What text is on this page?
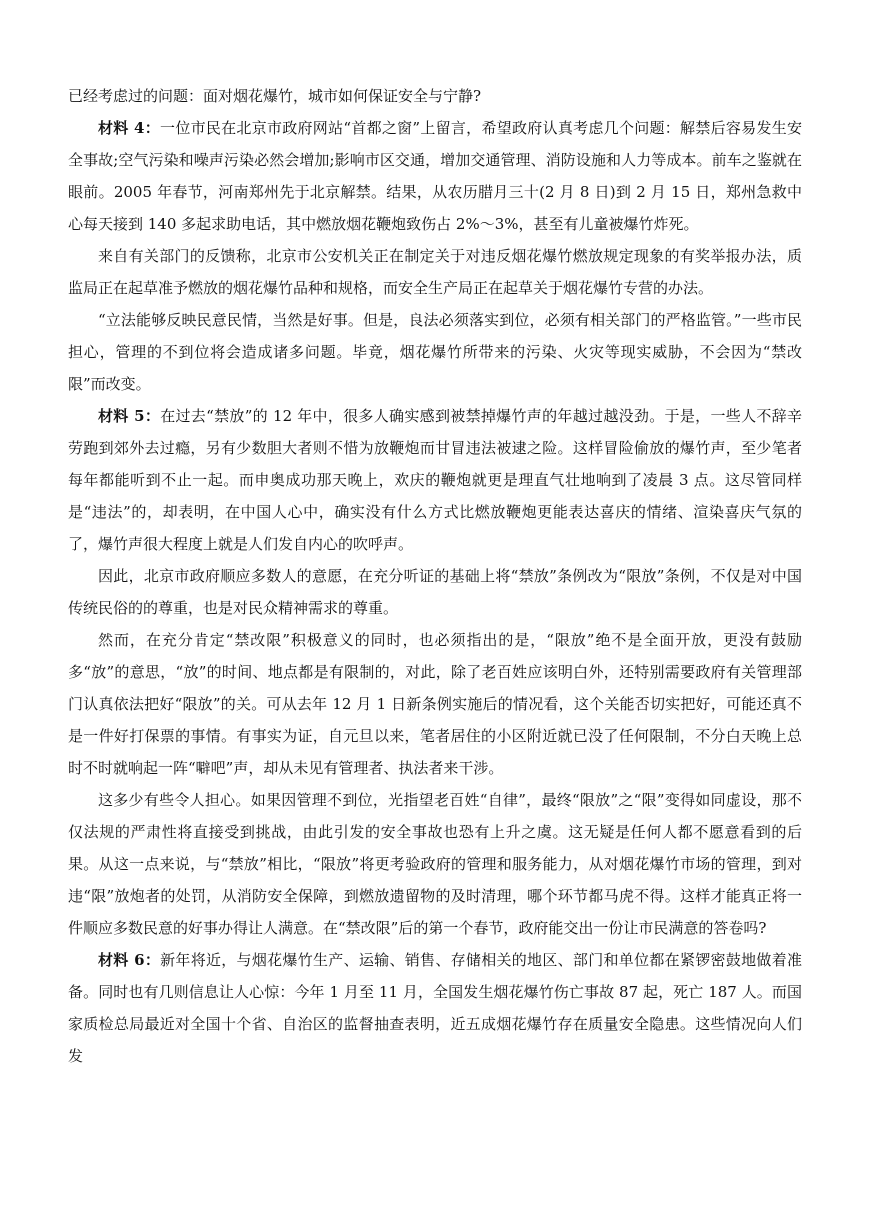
已经考虑过的问题：面对烟花爆竹，城市如何保证安全与宁静?

材料 4：一位市民在北京市政府网站“首都之窗”上留言，希望政府认真考虑几个问题：解禁后容易发生安全事故;空气污染和噪声污染必然会增加;影响市区交通，增加交通管理、消防设施和人力等成本。前车之鉴就在眼前。2005 年春节，河南郑州先于北京解禁。结果，从农历腊月三十(2 月 8 日)到 2 月 15 日，郑州急救中心每天接到 140 多起求助电话，其中燃放烟花鞭炮致伤占 2%～3%，甚至有儿童被爆竹炸死。

来自有关部门的反馈称，北京市公安机关正在制定关于对违反烟花爆竹燃放规定现象的有奖举报办法，质监局正在起草准予燃放的烟花爆竹品种和规格，而安全生产局正在起草关于烟花爆竹专营的办法。

“立法能够反映民意民情，当然是好事。但是，良法必须落实到位，必须有相关部门的严格监管。”一些市民担心，管理的不到位将会造成诸多问题。毕竟，烟花爆竹所带来的污染、火灾等现实威胁，不会因为“禁改限”而改变。

材料 5：在过去“禁放”的 12 年中，很多人确实感到被禁掉爆竹声的年越过越没劲。于是，一些人不辞辛劳跑到郊外去过瘾，另有少数胆大者则不惜为放鞭炮而甘冒违法被逮之险。这样冒险偷放的爆竹声，至少笔者每年都能听到不止一起。而申奥成功那天晚上，欢庆的鞭炮就更是理直气壮地响到了凌晨 3 点。这尽管同样是“违法”的，却表明，在中国人心中，确实没有什么方式比燃放鞭炮更能表达喜庆的情绪、渲染喜庆气氛的了，爆竹声很大程度上就是人们发自内心的吹呼声。

因此，北京市政府顺应多数人的意愿，在充分听证的基础上将“禁放”条例改为“限放”条例，不仅是对中国传统民俗的的尊重，也是对民众精神需求的尊重。

然而，在充分肯定“禁改限”积极意义的同时，也必须指出的是，“限放”绝不是全面开放，更没有鼓励多“放”的意思，“放”的时间、地点都是有限制的，对此，除了老百姓应该明白外，还特别需要政府有关管理部门认真依法把好“限放”的关。可从去年 12 月 1 日新条例实施后的情况看，这个关能否切实把好，可能还真不是一件好打保票的事情。有事实为证，自元旦以来，笔者居住的小区附近就已没了任何限制，不分白天晚上总时不时就响起一阵“噼吧”声，却从未见有管理者、执法者来干涉。

这多少有些令人担心。如果因管理不到位，光指望老百姓“自律”，最终“限放”之“限”变得如同虚设，那不仅法规的严肃性将直接受到挑战，由此引发的安全事故也恐有上升之虞。这无疑是任何人都不愿意看到的后果。从这一点来说，与“禁放”相比，“限放”将更考验政府的管理和服务能力，从对烟花爆竹市场的管理，到对违“限”放炮者的处罚，从消防安全保障，到燃放遗留物的及时清理，哪个环节都马虎不得。这样才能真正将一件顺应多数民意的好事办得让人满意。在“禁改限”后的第一个春节，政府能交出一份让市民满意的答卷吗?

材料 6：新年将近，与烟花爆竹生产、运输、销售、存储相关的地区、部门和单位都在紧锣密鼓地做着准备。同时也有几则信息让人心惊：今年 1 月至 11 月，全国发生烟花爆竹伤亡事故 87 起，死亡 187 人。而国家质检总局最近对全国十个省、自治区的监督抽查表明，近五成烟花爆竹存在质量安全隐患。这些情况向人们发
